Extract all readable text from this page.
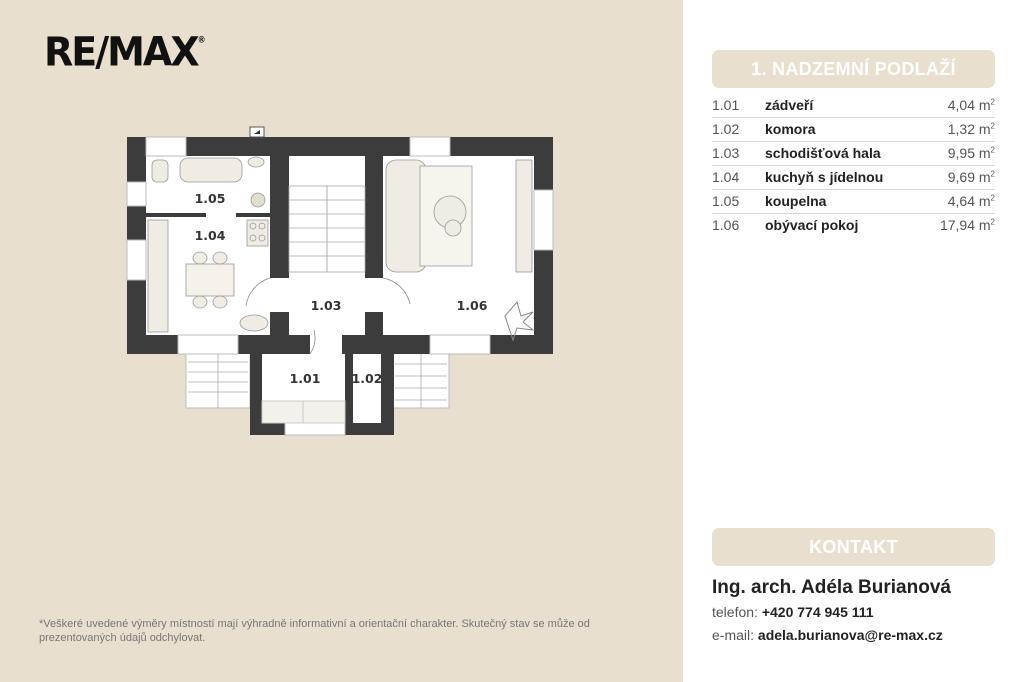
RE/MAX®
1.05
1.04
1.03	1.06
1.01 1.02
*Veškeré uvedené výměry místností mají výhradně informativní a orientační charakter. Skutečný stav se může od prezentovaných údajů odchylovat.
1. NADZEMNÍ PODLAŽÍ
1.01 zádveří	4,04 $m^2$
1.02 komora	1,32 $m^2$
1.03 schodišťová hala	9,95 $m^2$
1.04 kuchyň s jídelnou	9,69 $m^2$
1.05 koupelna	4,64 $m^2$
1.06 obývací pokoj	17,94 $m^2$
KONTAKT
Ing. arch. Adéla Burianová
telefon: +420 774 945 111
e-mail: adela.burianova@re-max.cz
